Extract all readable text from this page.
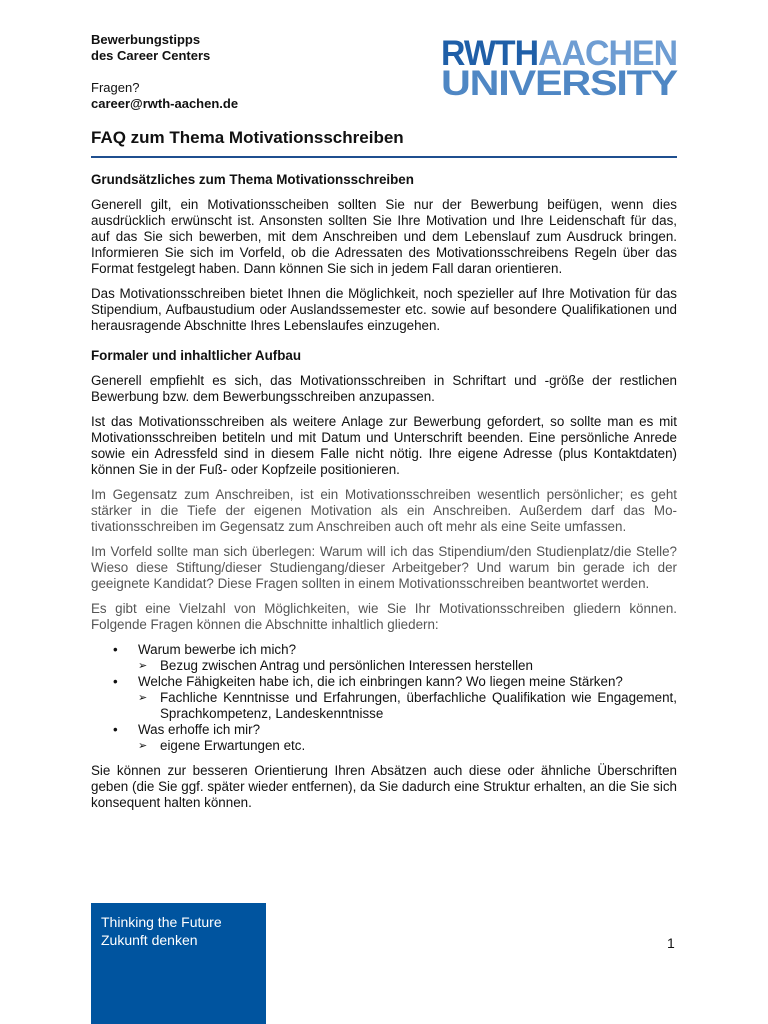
Bewerbungstipps
des Career Centers
Fragen?
career@rwth-aachen.de
RWTHAACHEN
UNIVERSITY
FAQ zum Thema Motivationsschreiben
Grundsätzliches zum Thema Motivationsschreiben

Generell gilt, ein Motivationsscheiben sollten Sie nur der Bewerbung beifügen, wenn dies ausdrücklich erwünscht ist. Ansonsten sollten Sie Ihre Motivation und Ihre Leidenschaft für das, auf das Sie sich bewerben, mit dem Anschreiben und dem Lebenslauf zum Ausdruck bringen. Informieren Sie sich im Vorfeld, ob die Adressaten des Motivationsschreibens Regeln über das Format festgelegt haben. Dann können Sie sich in jedem Fall daran orientieren.

Das Motivationsschreiben bietet Ihnen die Möglichkeit, noch spezieller auf Ihre Motivation für das Stipendium, Aufbaustudium oder Auslandssemester etc. sowie auf besondere Qualifikationen und herausragende Abschnitte Ihres Lebenslaufes einzugehen.

Formaler und inhaltlicher Aufbau

Generell empfiehlt es sich, das Motivationsschreiben in Schriftart und -größe der restlichen Bewerbung bzw. dem Bewerbungsschreiben anzupassen.

Ist das Motivationsschreiben als weitere Anlage zur Bewerbung gefordert, so sollte man es mit Motivationsschreiben betiteln und mit Datum und Unterschrift beenden. Eine persönliche Anrede sowie ein Adressfeld sind in diesem Falle nicht nötig. Ihre eigene Adresse (plus Kontaktdaten) können Sie in der Fuß- oder Kopfzeile positionieren.

Im Gegensatz zum Anschreiben, ist ein Motivationsschreiben wesentlich persönlicher; es geht stärker in die Tiefe der eigenen Motivation als ein Anschreiben. Außerdem darf das Motivationsschreiben im Gegensatz zum Anschreiben auch oft mehr als eine Seite umfassen.

Im Vorfeld sollte man sich überlegen: Warum will ich das Stipendium/den Studienplatz/die Stelle? Wieso diese Stiftung/dieser Studiengang/dieser Arbeitgeber? Und warum bin gerade ich der geeignete Kandidat? Diese Fragen sollten in einem Motivationsschreiben beantwortet werden.

Es gibt eine Vielzahl von Möglichkeiten, wie Sie Ihr Motivationsschreiben gliedern können. Folgende Fragen können die Abschnitte inhaltlich gliedern:

• Warum bewerbe ich mich?
➢ Bezug zwischen Antrag und persönlichen Interessen herstellen
• Welche Fähigkeiten habe ich, die ich einbringen kann? Wo liegen meine Stärken?
➢ Fachliche Kenntnisse und Erfahrungen, überfachliche Qualifikation wie Engagement, Sprachkompetenz, Landeskenntnisse
• Was erhoffe ich mir?
➢ eigene Erwartungen etc.

Sie können zur besseren Orientierung Ihren Absätzen auch diese oder ähnliche Überschriften geben (die Sie ggf. später wieder entfernen), da Sie dadurch eine Struktur erhalten, an die Sie sich konsequent halten können.

Thinking the Future
Zukunft denken	1
